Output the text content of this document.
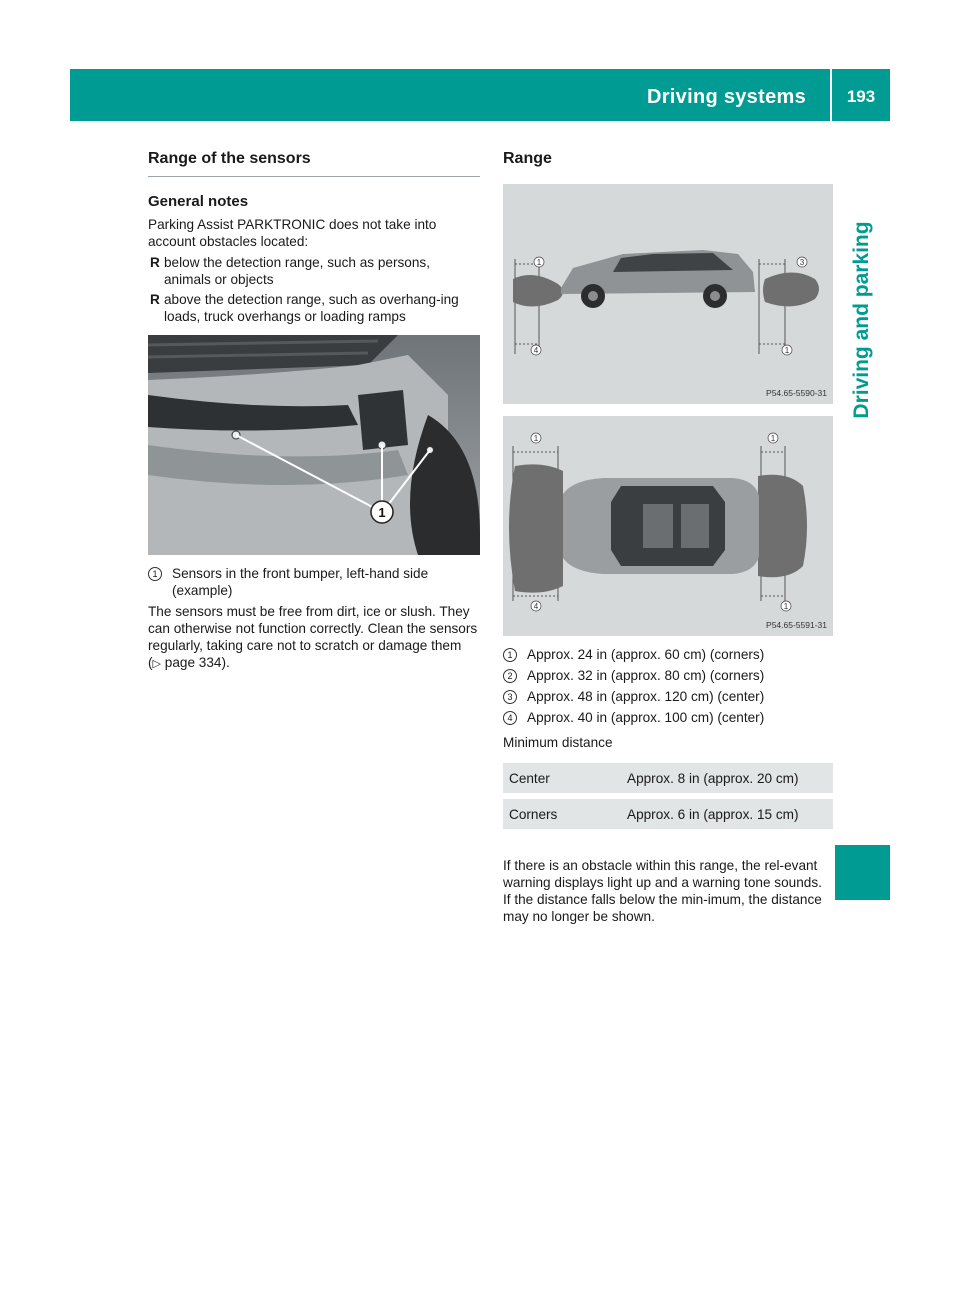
Driving systems	193
Driving and parking
Range of the sensors
General notes

Parking Assist PARKTRONIC does not take into account obstacles located:

R below the detection range, such as persons, animals or objects
R above the detection range, such as overhang-ing loads, truck overhangs or loading ramps
1
1	Sensors in the front bumper, left-hand side (example)

The sensors must be free from dirt, ice or slush. They can otherwise not function correctly. Clean the sensors regularly, taking care not to scratch or damage them (▷ page 334).

Range
1	3
4	1
P54.65-5590-31
1	1
4	1
P54.65-5591-31
1	Approx. 24 in (approx. 60 cm) (corners)
2	Approx. 32 in (approx. 80 cm) (corners)
3	Approx. 48 in (approx. 120 cm) (center)
4	Approx. 40 in (approx. 100 cm) (center)

Minimum distance

Center	Approx. 8 in (approx. 20 cm)
Corners	Approx. 6 in (approx. 15 cm)

If there is an obstacle within this range, the rel-evant warning displays light up and a warning tone sounds. If the distance falls below the min-imum, the distance may no longer be shown.
